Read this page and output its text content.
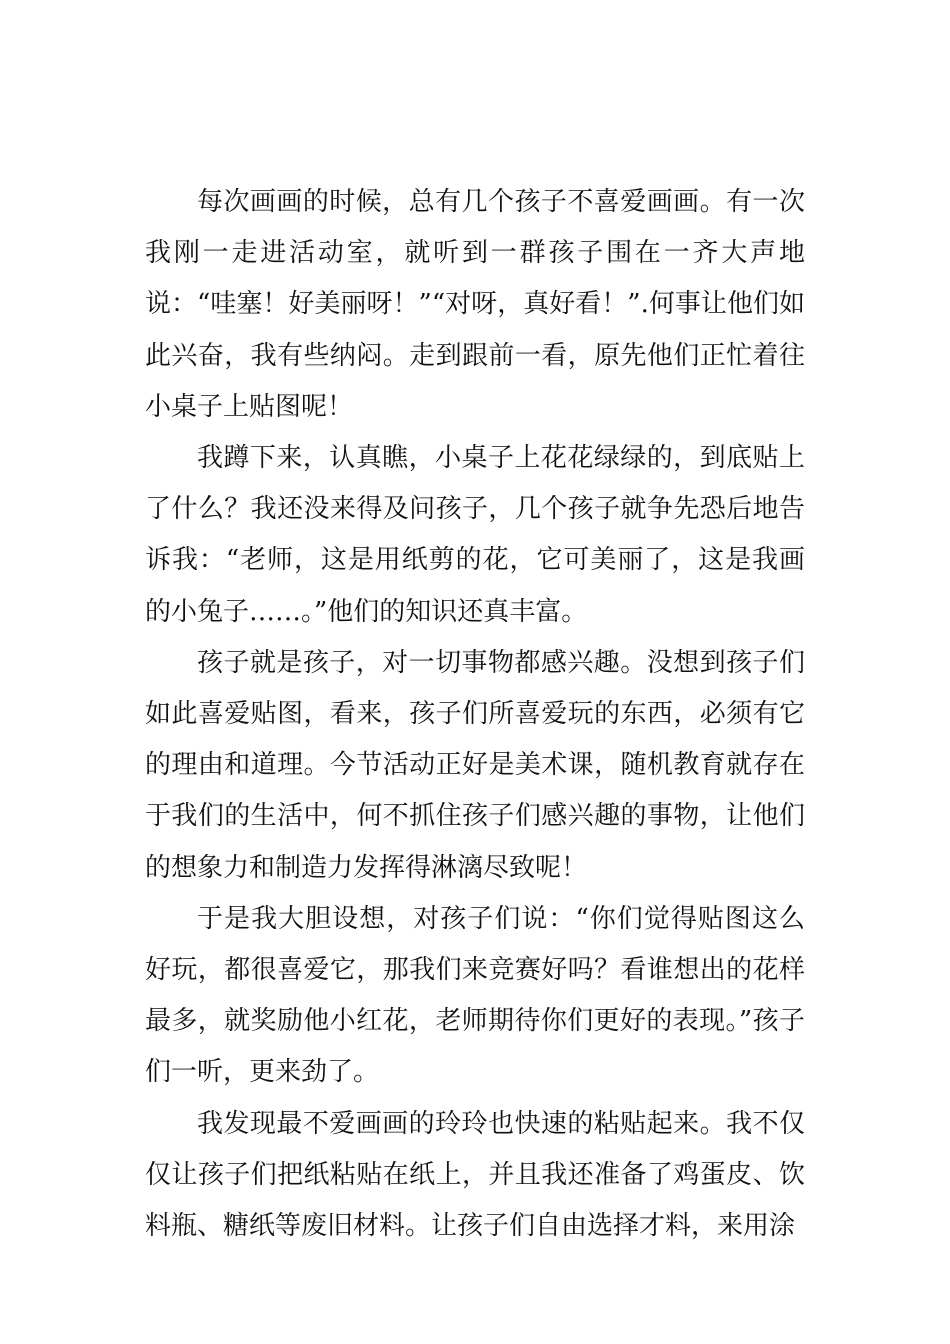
每次画画的时候，总有几个孩子不喜爱画画。有一次我刚一走进活动室，就听到一群孩子围在一齐大声地说：“哇塞！好美丽呀！”“对呀，真好看！”.何事让他们如此兴奋，我有些纳闷。走到跟前一看，原先他们正忙着往小桌子上贴图呢！

我蹲下来，认真瞧，小桌子上花花绿绿的，到底贴上了什么？我还没来得及问孩子，几个孩子就争先恐后地告诉我：“老师，这是用纸剪的花，它可美丽了，这是我画的小兔子……。”他们的知识还真丰富。

孩子就是孩子，对一切事物都感兴趣。没想到孩子们如此喜爱贴图，看来，孩子们所喜爱玩的东西，必须有它的理由和道理。今节活动正好是美术课，随机教育就存在于我们的生活中，何不抓住孩子们感兴趣的事物，让他们的想象力和制造力发挥得淋漓尽致呢！

于是我大胆设想，对孩子们说：“你们觉得贴图这么好玩，都很喜爱它，那我们来竞赛好吗？看谁想出的花样最多，就奖励他小红花，老师期待你们更好的表现。”孩子们一听，更来劲了。

我发现最不爱画画的玲玲也快速的粘贴起来。我不仅仅让孩子们把纸粘贴在纸上，并且我还准备了鸡蛋皮、饮料瓶、糖纸等废旧材料。让孩子们自由选择才料，来用涂
